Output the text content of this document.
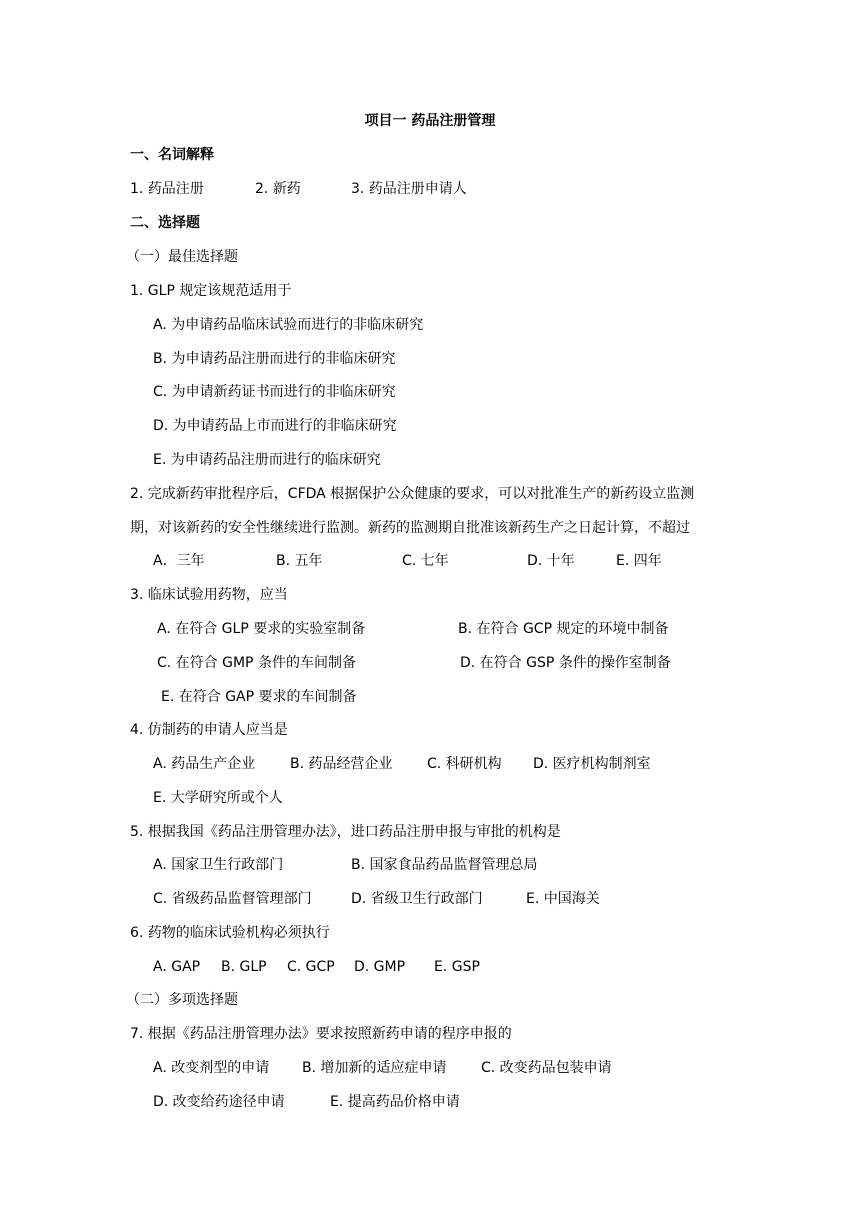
项目一 药品注册管理
一、名词解释
1. 药品注册	2. 新药	3. 药品注册申请人
二、选择题
（一）最佳选择题
1. GLP 规定该规范适用于
A. 为申请药品临床试验而进行的非临床研究
B. 为申请药品注册而进行的非临床研究
C. 为申请新药证书而进行的非临床研究
D. 为申请药品上市而进行的非临床研究
E. 为申请药品注册而进行的临床研究
2. 完成新药审批程序后，CFDA 根据保护公众健康的要求，可以对批准生产的新药设立监测
期，对该新药的安全性继续进行监测。新药的监测期自批准该新药生产之日起计算，不超过
A．三年	B. 五年	C. 七年	D. 十年	E. 四年
3. 临床试验用药物，应当
A. 在符合 GLP 要求的实验室制备	B. 在符合 GCP 规定的环境中制备
C. 在符合 GMP 条件的车间制备	D. 在符合 GSP 条件的操作室制备
E. 在符合 GAP 要求的车间制备
4. 仿制药的申请人应当是
A. 药品生产企业 B. 药品经营企业 C. 科研机构 D. 医疗机构制剂室
E. 大学研究所或个人
5. 根据我国《药品注册管理办法》，进口药品注册申报与审批的机构是
A. 国家卫生行政部门	B. 国家食品药品监督管理总局
C. 省级药品监督管理部门	D. 省级卫生行政部门	E. 中国海关
6. 药物的临床试验机构必须执行
A. GAP B. GLP C. GCP D. GMP E. GSP
（二）多项选择题
7. 根据《药品注册管理办法》要求按照新药申请的程序申报的
A. 改变剂型的申请 B. 增加新的适应症申请 C. 改变药品包装申请
D. 改变给药途径申请	E. 提高药品价格申请
